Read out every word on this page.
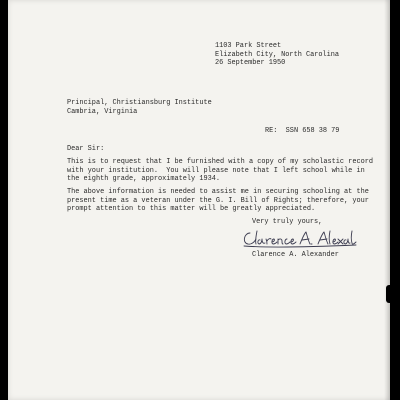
1103 Park Street
Elizabeth City, North Carolina
26 September 1950
Principal, Christiansburg Institute
Cambria, Virginia
RE:  SSN 658 38 79
Dear Sir:
This is to request that I be furnished with a copy of my scholastic record
with your institution.  You will please note that I left school while in
the eighth grade, approximately 1934.
The above information is needed to assist me in securing schooling at the
present time as a veteran under the G. I. Bill of Rights; therefore, your
prompt attention to this matter will be greatly appreciated.
Very truly yours,
Clarence A. Alexander
